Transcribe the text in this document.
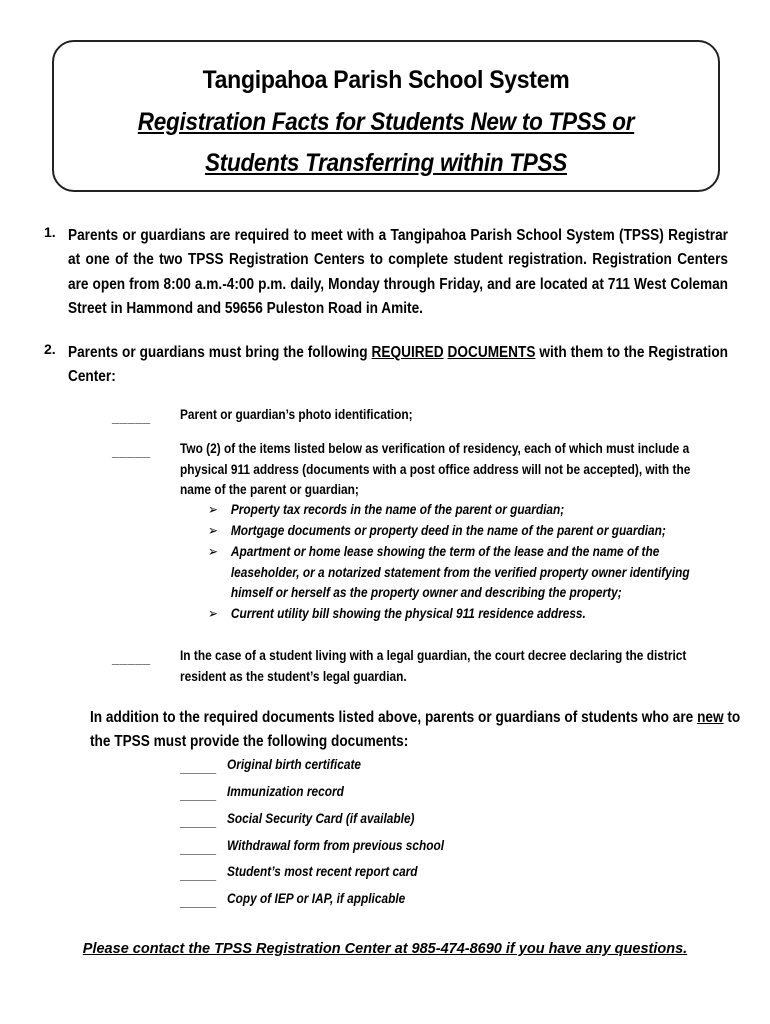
Tangipahoa Parish School System
Registration Facts for Students New to TPSS or
Students Transferring within TPSS
1. Parents or guardians are required to meet with a Tangipahoa Parish School System (TPSS) Registrar at one of the two TPSS Registration Centers to complete student registration. Registration Centers are open from 8:00 a.m.-4:00 p.m. daily, Monday through Friday, and are located at 711 West Coleman Street in Hammond and 59656 Puleston Road in Amite.
2. Parents or guardians must bring the following REQUIRED DOCUMENTS with them to the Registration Center:
_____ Parent or guardian’s photo identification;
_____ Two (2) of the items listed below as verification of residency, each of which must include a physical 911 address (documents with a post office address will not be accepted), with the name of the parent or guardian;
➢ Property tax records in the name of the parent or guardian;
➢ Mortgage documents or property deed in the name of the parent or guardian;
➢ Apartment or home lease showing the term of the lease and the name of the leaseholder, or a notarized statement from the verified property owner identifying himself or herself as the property owner and describing the property;
➢ Current utility bill showing the physical 911 residence address.
_____ In the case of a student living with a legal guardian, the court decree declaring the district resident as the student’s legal guardian.
In addition to the required documents listed above, parents or guardians of students who are new to the TPSS must provide the following documents:
_____ Original birth certificate
_____ Immunization record
_____ Social Security Card (if available)
_____ Withdrawal form from previous school
_____ Student’s most recent report card
_____ Copy of IEP or IAP, if applicable
Please contact the TPSS Registration Center at 985-474-8690 if you have any questions.
